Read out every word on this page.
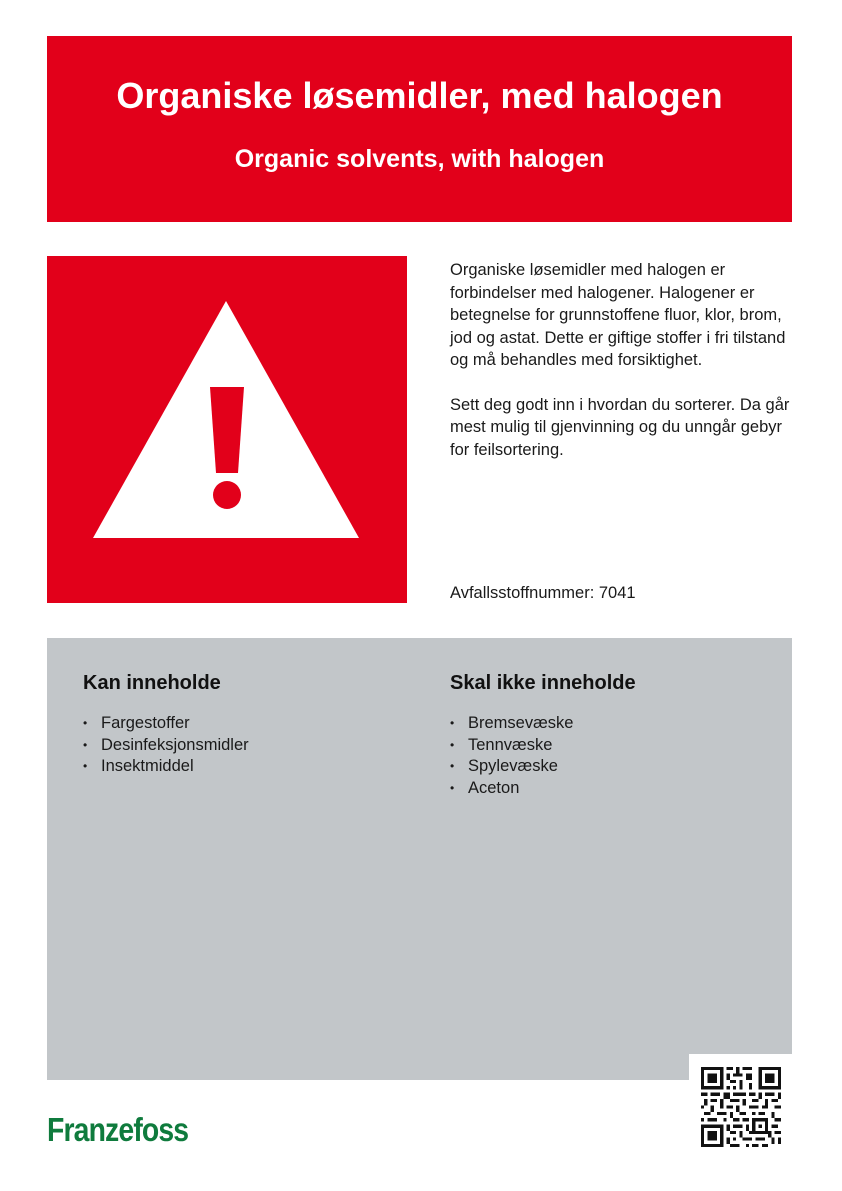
Organiske løsemidler, med halogen
Organic solvents, with halogen

Organiske løsemidler med halogen er forbindelser med halogener. Halogener er betegnelse for grunnstoffene fluor, klor, brom, jod og astat. Dette er giftige stoffer i fri tilstand og må behandles med forsiktighet.

Sett deg godt inn i hvordan du sorterer. Da går mest mulig til gjenvinning og du unngår gebyr for feilsortering.

Avfallsstoffnummer: 7041
Kan inneholde
• Fargestoffer
• Desinfeksjonsmidler
• Insektmiddel
Skal ikke inneholde
• Bremsevæske
• Tennvæske
• Spylevæske
• Aceton
Franzefoss
